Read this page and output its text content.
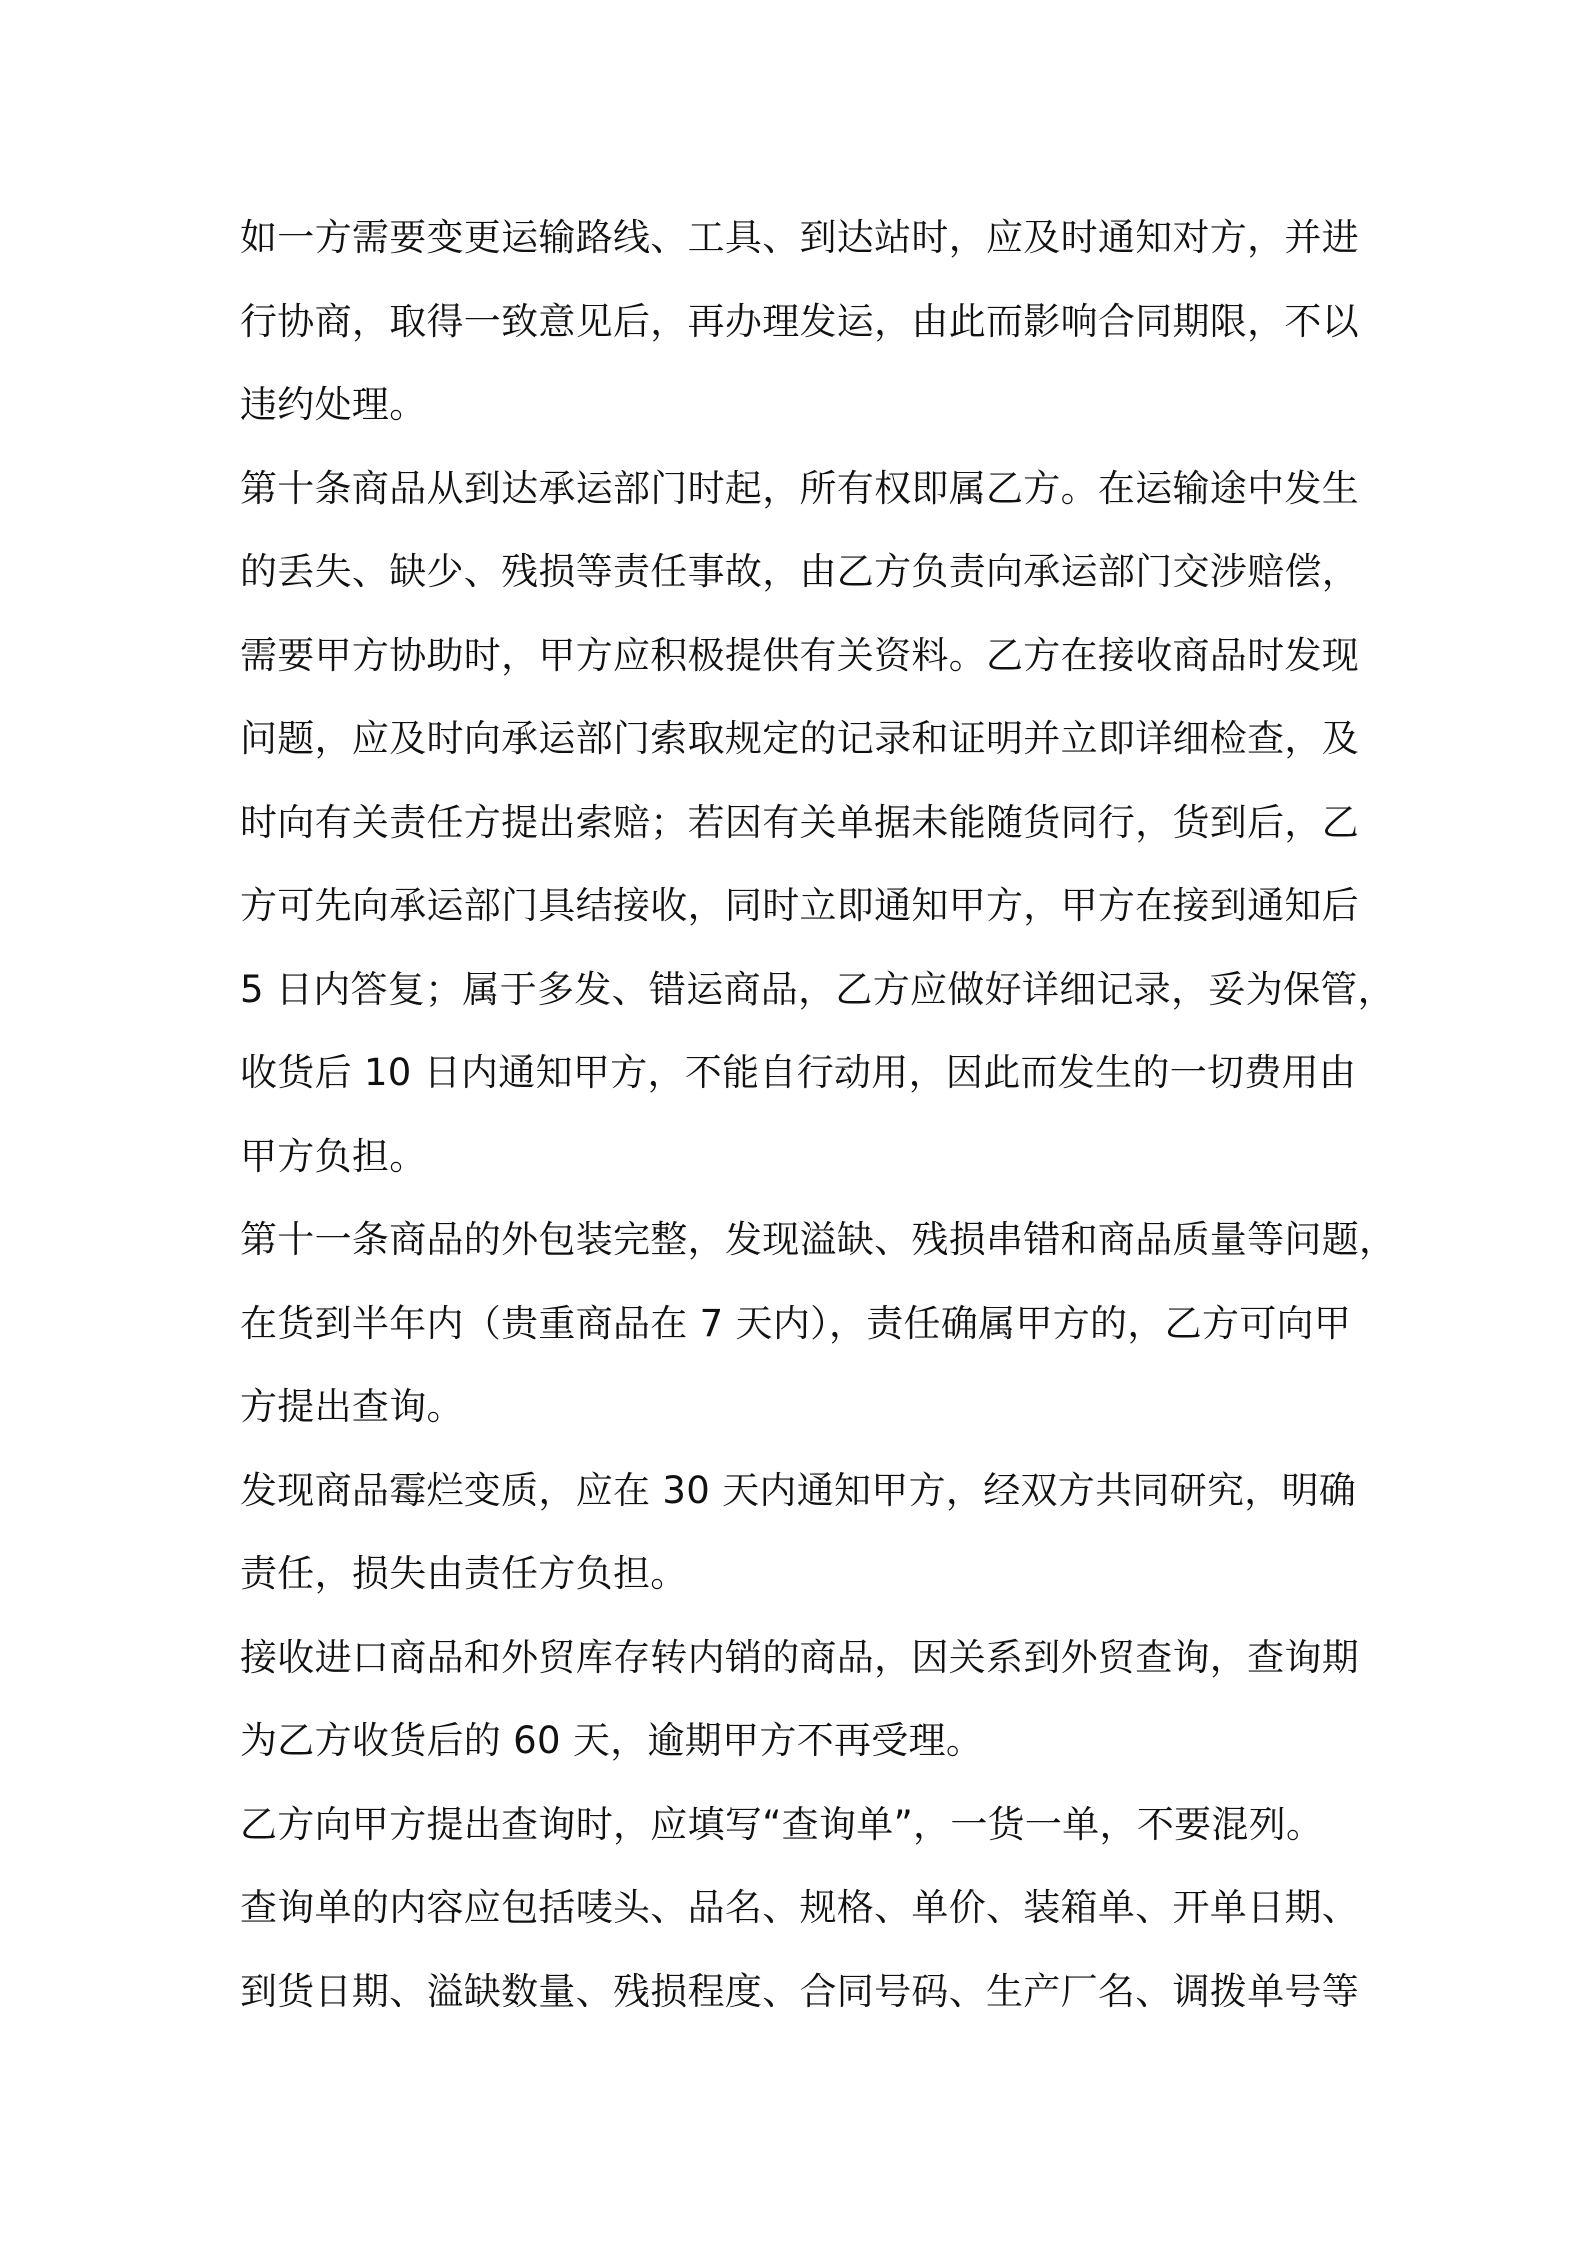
如一方需要变更运输路线、工具、到达站时，应及时通知对方，并进
行协商，取得一致意见后，再办理发运，由此而影响合同期限，不以
违约处理。
第十条商品从到达承运部门时起，所有权即属乙方。在运输途中发生
的丢失、缺少、残损等责任事故，由乙方负责向承运部门交涉赔偿，
需要甲方协助时，甲方应积极提供有关资料。乙方在接收商品时发现
问题，应及时向承运部门索取规定的记录和证明并立即详细检查，及
时向有关责任方提出索赔；若因有关单据未能随货同行，货到后，乙
方可先向承运部门具结接收，同时立即通知甲方，甲方在接到通知后
5 日内答复；属于多发、错运商品，乙方应做好详细记录，妥为保管，
收货后 10 日内通知甲方，不能自行动用，因此而发生的一切费用由
甲方负担。
第十一条商品的外包装完整，发现溢缺、残损串错和商品质量等问题，
在货到半年内（贵重商品在 7 天内），责任确属甲方的，乙方可向甲
方提出查询。
发现商品霉烂变质，应在 30 天内通知甲方，经双方共同研究，明确
责任，损失由责任方负担。
接收进口商品和外贸库存转内销的商品，因关系到外贸查询，查询期
为乙方收货后的 60 天，逾期甲方不再受理。
乙方向甲方提出查询时，应填写“查询单”，一货一单，不要混列。
查询单的内容应包括唛头、品名、规格、单价、装箱单、开单日期、
到货日期、溢缺数量、残损程度、合同号码、生产厂名、调拨单号等
